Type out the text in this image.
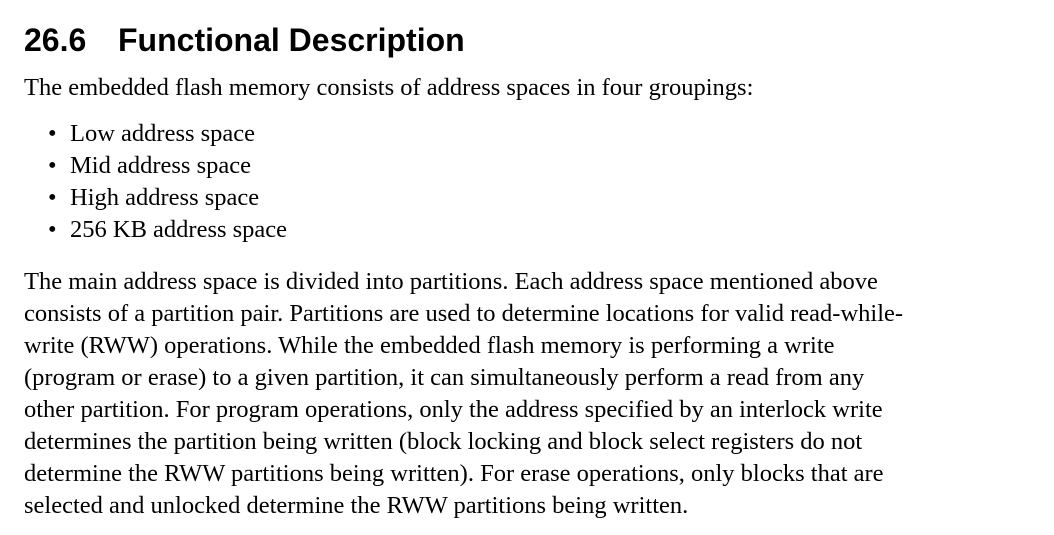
26.6 Functional Description

The embedded flash memory consists of address spaces in four groupings:

• Low address space
• Mid address space
• High address space
• 256 KB address space

The main address space is divided into partitions. Each address space mentioned above
consists of a partition pair. Partitions are used to determine locations for valid read-while-
write (RWW) operations. While the embedded flash memory is performing a write
(program or erase) to a given partition, it can simultaneously perform a read from any
other partition. For program operations, only the address specified by an interlock write
determines the partition being written (block locking and block select registers do not
determine the RWW partitions being written). For erase operations, only blocks that are
selected and unlocked determine the RWW partitions being written.
